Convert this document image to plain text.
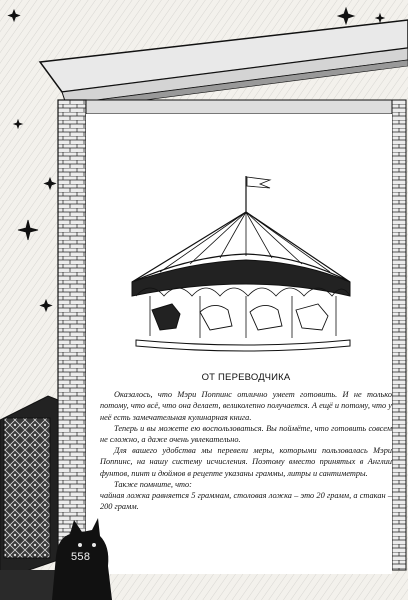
ОТ ПЕРЕВОДЧИКА

Оказалось, что Мэри Поппинс отлично умеет готовить. И не только потому, что всё, что она делает, великолепно получается. А ещё и потому, что у неё есть замечательная кулинарная книга.

Теперь и вы можете ею воспользоваться. Вы поймёте, что готовить совсем не сложно, а даже очень увлекательно.

Для вашего удобства мы перевели меры, которыми пользовалась Мэри Поппинс, на нашу систему исчисления. Поэтому вместо принятых в Англии фунтов, пинт и дюймов в рецепте указаны граммы, литры и сантиметры.

Также помните, что:

чайная ложка равняется 5 граммам, столовая ложка – это 20 грамм, а стакан – 200 грамм.

558
